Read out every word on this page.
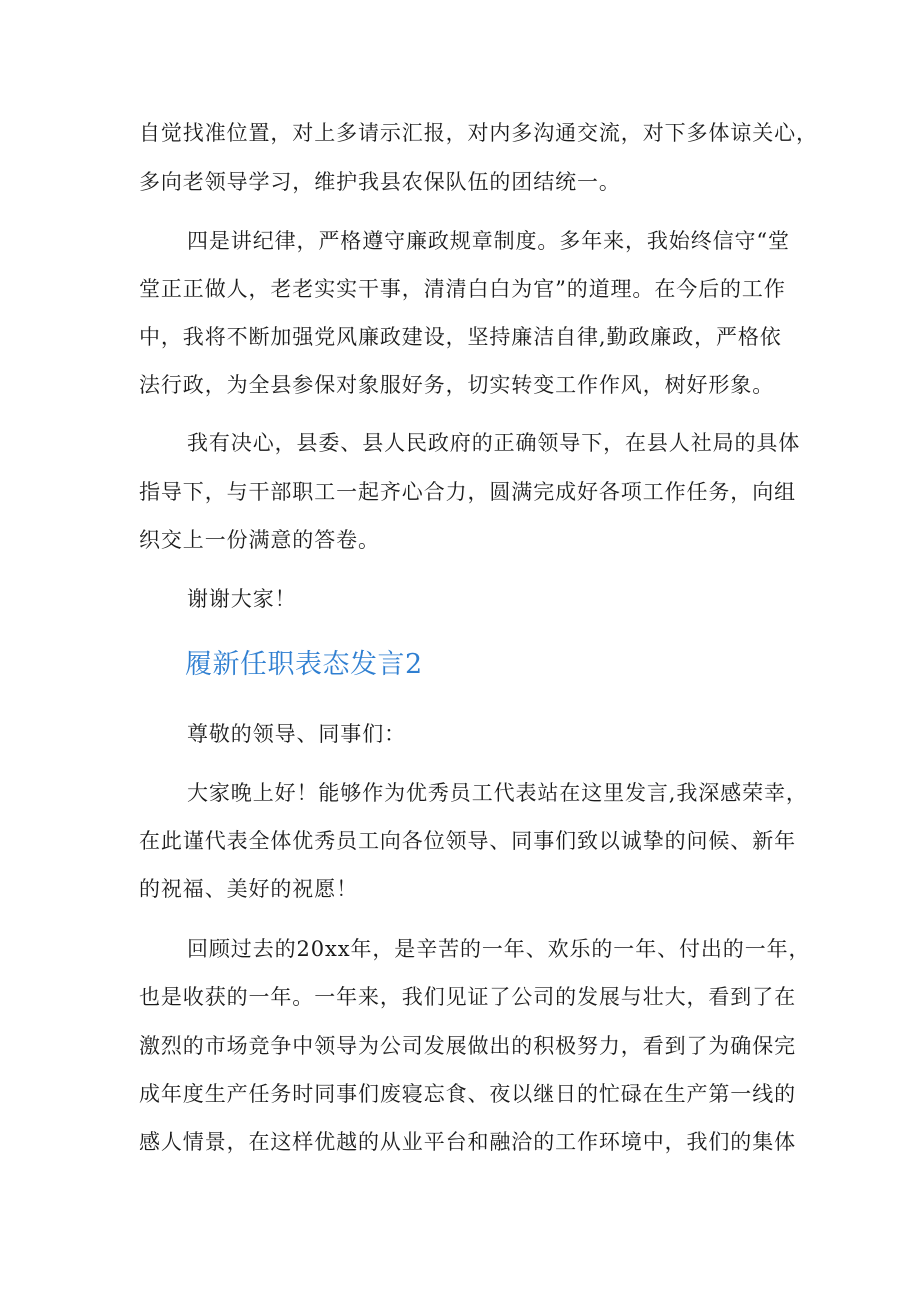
自觉找准位置，对上多请示汇报，对内多沟通交流，对下多体谅关心，
多向老领导学习，维护我县农保队伍的团结统一。
四是讲纪律，严格遵守廉政规章制度。多年来，我始终信守“堂
堂正正做人，老老实实干事，清清白白为官”的道理。在今后的工作
中，我将不断加强党风廉政建设，坚持廉洁自律,勤政廉政，严格依
法行政，为全县参保对象服好务，切实转变工作作风，树好形象。
我有决心，县委、县人民政府的正确领导下，在县人社局的具体
指导下，与干部职工一起齐心合力，圆满完成好各项工作任务，向组
织交上一份满意的答卷。
谢谢大家！
履新任职表态发言2
尊敬的领导、同事们：
大家晚上好！能够作为优秀员工代表站在这里发言,我深感荣幸，
在此谨代表全体优秀员工向各位领导、同事们致以诚挚的问候、新年
的祝福、美好的祝愿！
回顾过去的20xx年，是辛苦的一年、欢乐的一年、付出的一年，
也是收获的一年。一年来，我们见证了公司的发展与壮大，看到了在
激烈的市场竞争中领导为公司发展做出的积极努力，看到了为确保完
成年度生产任务时同事们废寝忘食、夜以继日的忙碌在生产第一线的
感人情景，在这样优越的从业平台和融洽的工作环境中，我们的集体
